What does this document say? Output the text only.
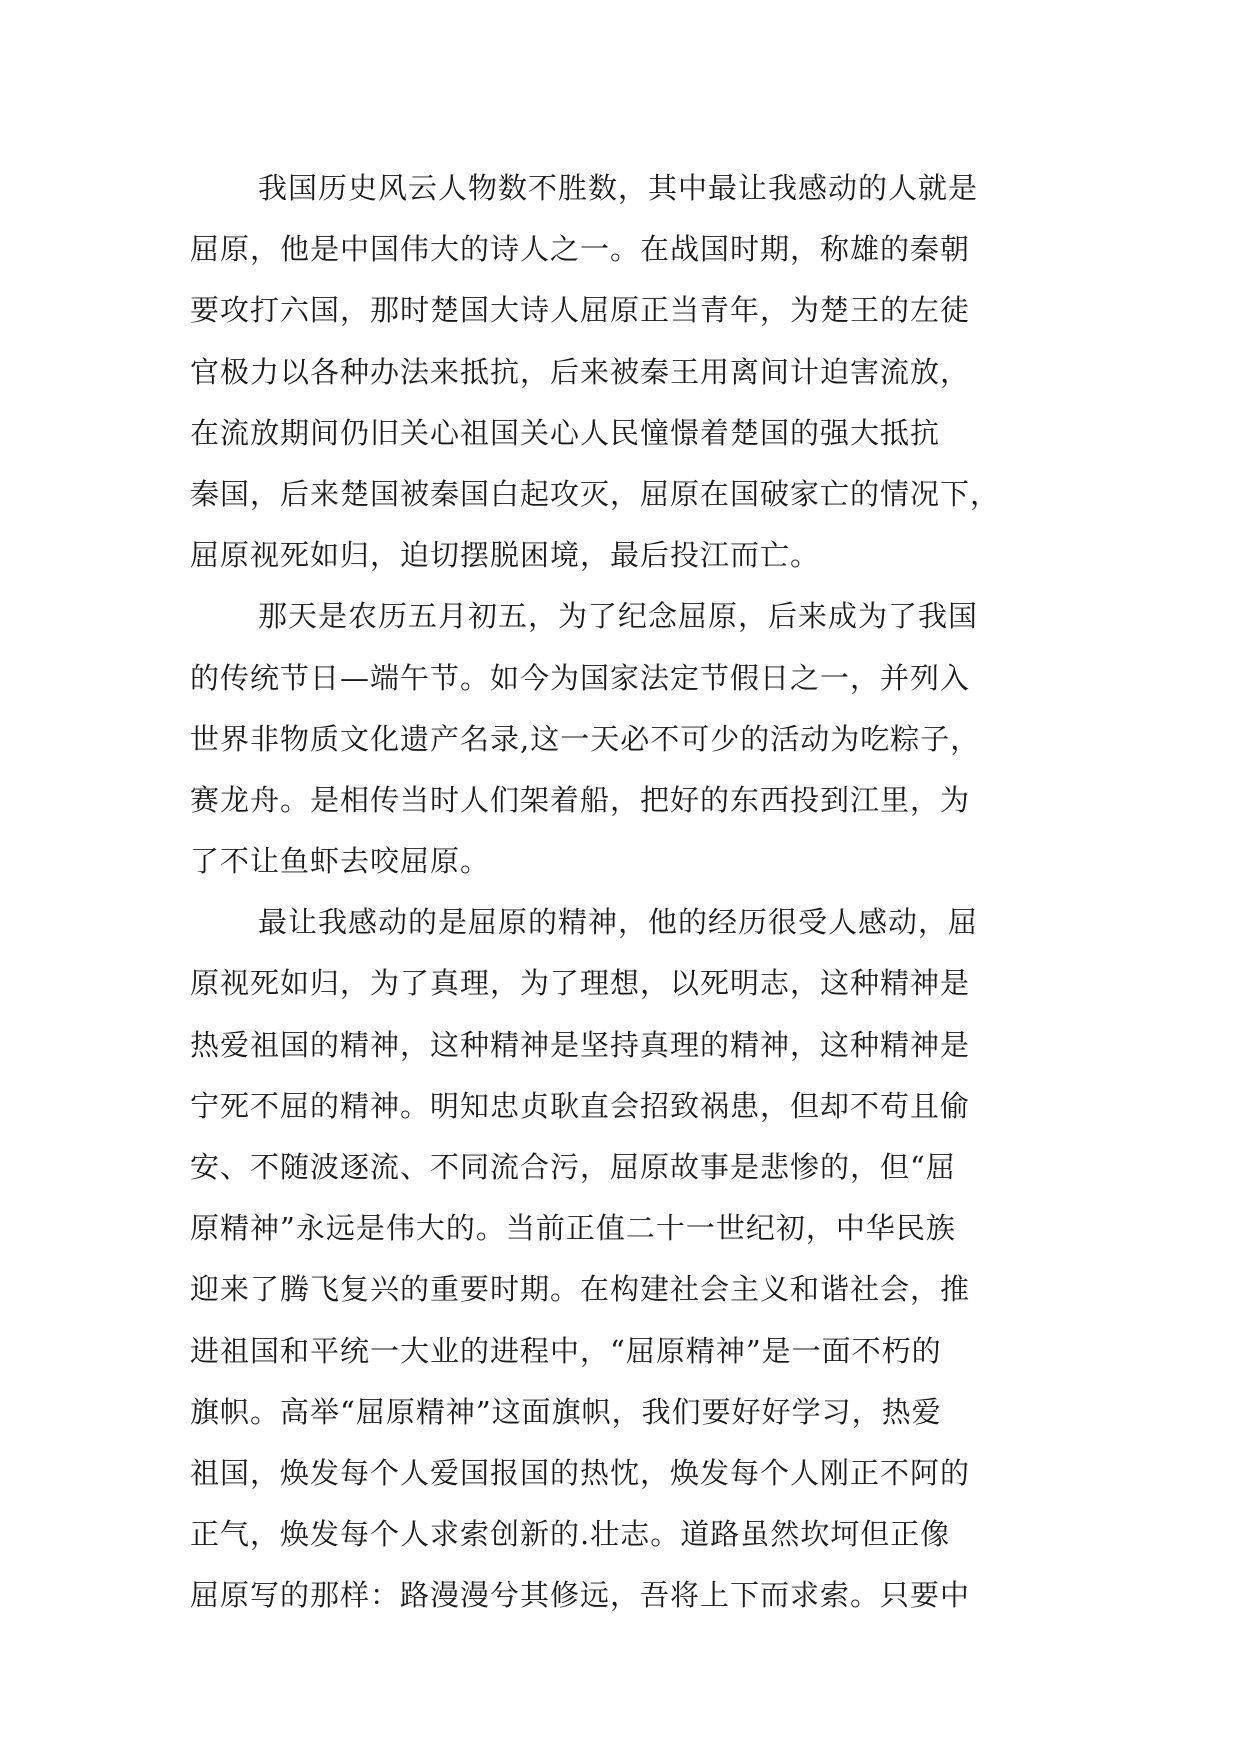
我国历史风云人物数不胜数，其中最让我感动的人就是
屈原，他是中国伟大的诗人之一。在战国时期，称雄的秦朝
要攻打六国，那时楚国大诗人屈原正当青年，为楚王的左徒
官极力以各种办法来抵抗，后来被秦王用离间计迫害流放，
在流放期间仍旧关心祖国关心人民憧憬着楚国的强大抵抗
秦国，后来楚国被秦国白起攻灭，屈原在国破家亡的情况下，
屈原视死如归，迫切摆脱困境，最后投江而亡。
那天是农历五月初五，为了纪念屈原，后来成为了我国
的传统节日—端午节。如今为国家法定节假日之一，并列入
世界非物质文化遗产名录,这一天必不可少的活动为吃粽子，
赛龙舟。是相传当时人们架着船，把好的东西投到江里，为
了不让鱼虾去咬屈原。
最让我感动的是屈原的精神，他的经历很受人感动，屈
原视死如归，为了真理，为了理想，以死明志，这种精神是
热爱祖国的精神，这种精神是坚持真理的精神，这种精神是
宁死不屈的精神。明知忠贞耿直会招致祸患，但却不苟且偷
安、不随波逐流、不同流合污，屈原故事是悲惨的，但“屈
原精神”永远是伟大的。当前正值二十一世纪初，中华民族
迎来了腾飞复兴的重要时期。在构建社会主义和谐社会，推
进祖国和平统一大业的进程中，“屈原精神”是一面不朽的
旗帜。高举“屈原精神”这面旗帜，我们要好好学习，热爱
祖国，焕发每个人爱国报国的热忱，焕发每个人刚正不阿的
正气，焕发每个人求索创新的.壮志。道路虽然坎坷但正像
屈原写的那样：路漫漫兮其修远，吾将上下而求索。只要中
